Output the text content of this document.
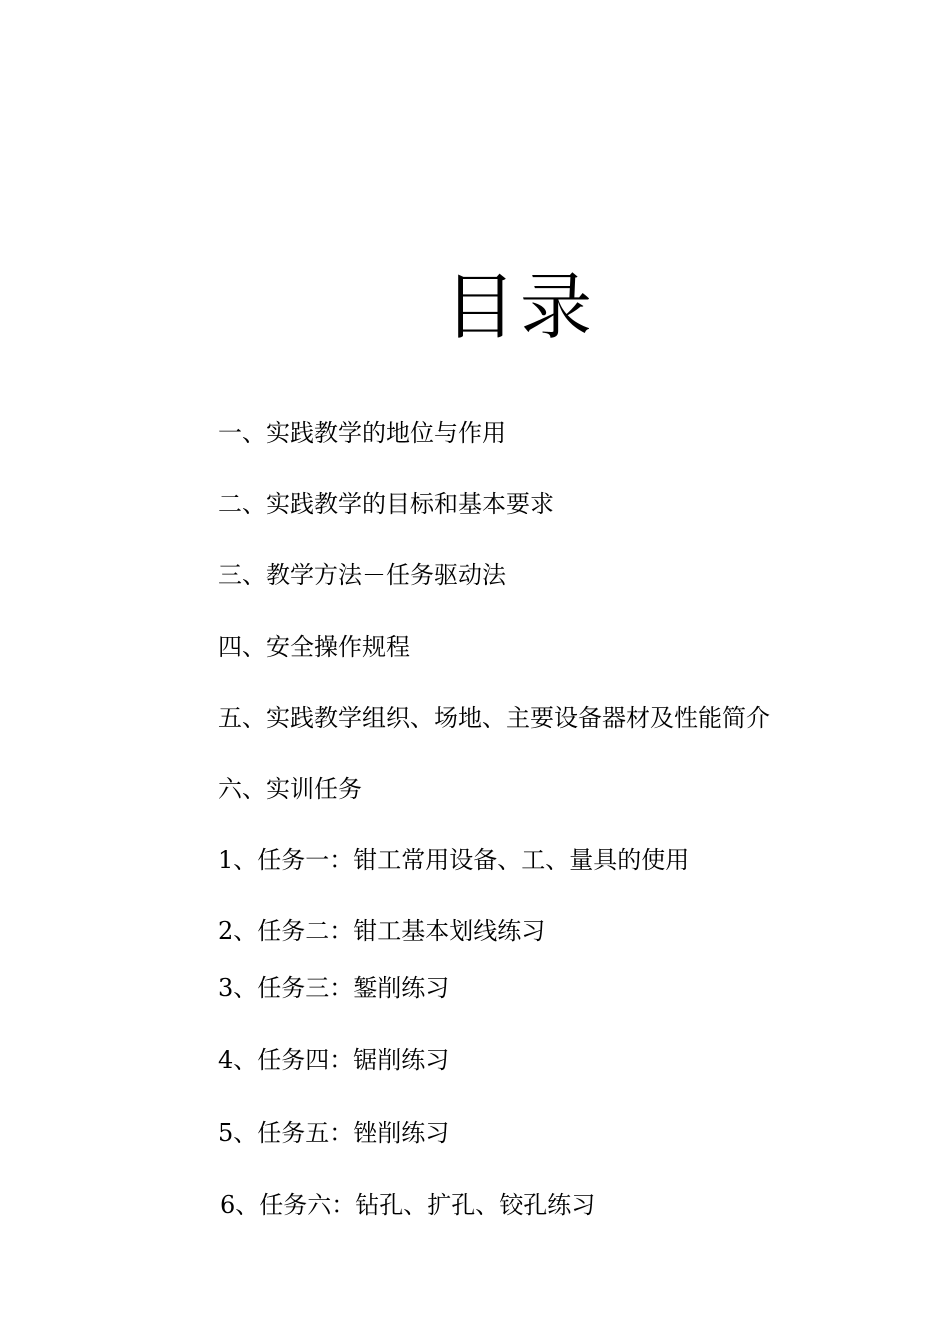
目录
一、实践教学的地位与作用
二、实践教学的目标和基本要求
三、教学方法－任务驱动法
四、安全操作规程
五、实践教学组织、场地、主要设备器材及性能简介
六、实训任务
1、任务一：钳工常用设备、工、量具的使用
2、任务二：钳工基本划线练习
3、任务三：錾削练习
4、任务四：锯削练习
5、任务五：锉削练习
6、任务六：钻孔、扩孔、铰孔练习
